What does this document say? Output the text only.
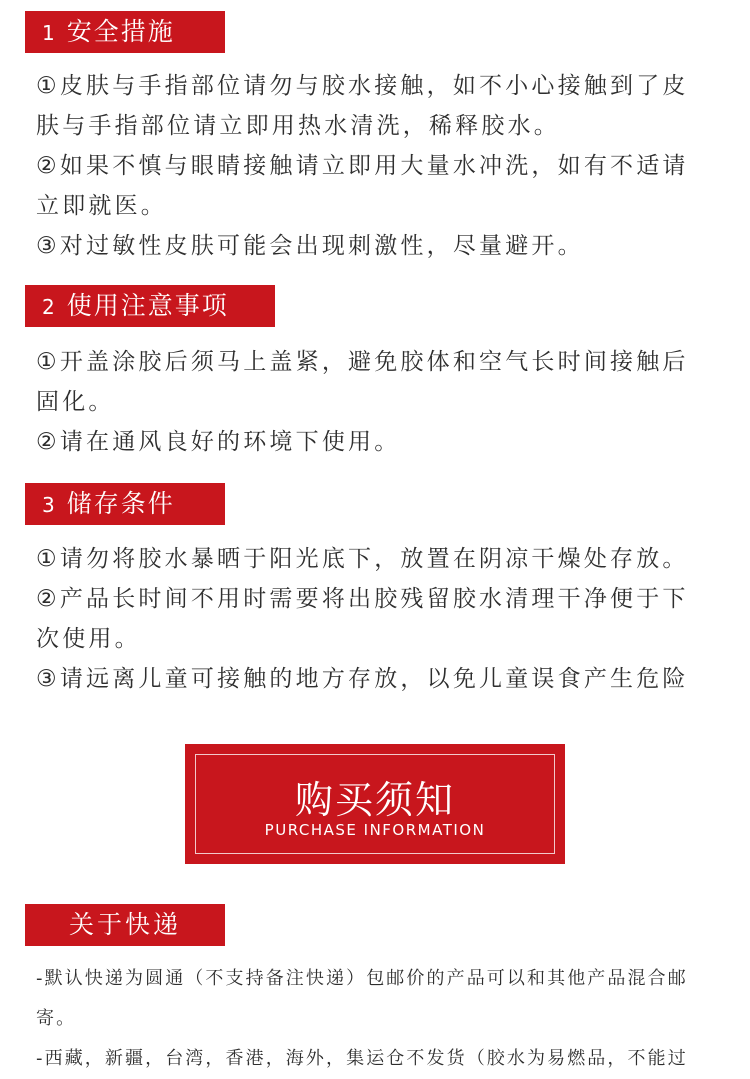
1 安全措施
①皮肤与手指部位请勿与胶水接触，如不小心接触到了皮
肤与手指部位请立即用热水清洗，稀释胶水。
②如果不慎与眼睛接触请立即用大量水冲洗，如有不适请
立即就医。
③对过敏性皮肤可能会出现刺激性，尽量避开。
2 使用注意事项
①开盖涂胶后须马上盖紧，避免胶体和空气长时间接触后
固化。
②请在通风良好的环境下使用。
3 储存条件
①请勿将胶水暴晒于阳光底下，放置在阴凉干燥处存放。
②产品长时间不用时需要将出胶残留胶水清理干净便于下
次使用。
③请远离儿童可接触的地方存放，以免儿童误食产生危险
购买须知
PURCHASE INFORMATION
关于快递
-默认快递为圆通（不支持备注快递）包邮价的产品可以和其他产品混合邮
寄。
-西藏，新疆，台湾，香港，海外，集运仓不发货（胶水为易燃品，不能过
